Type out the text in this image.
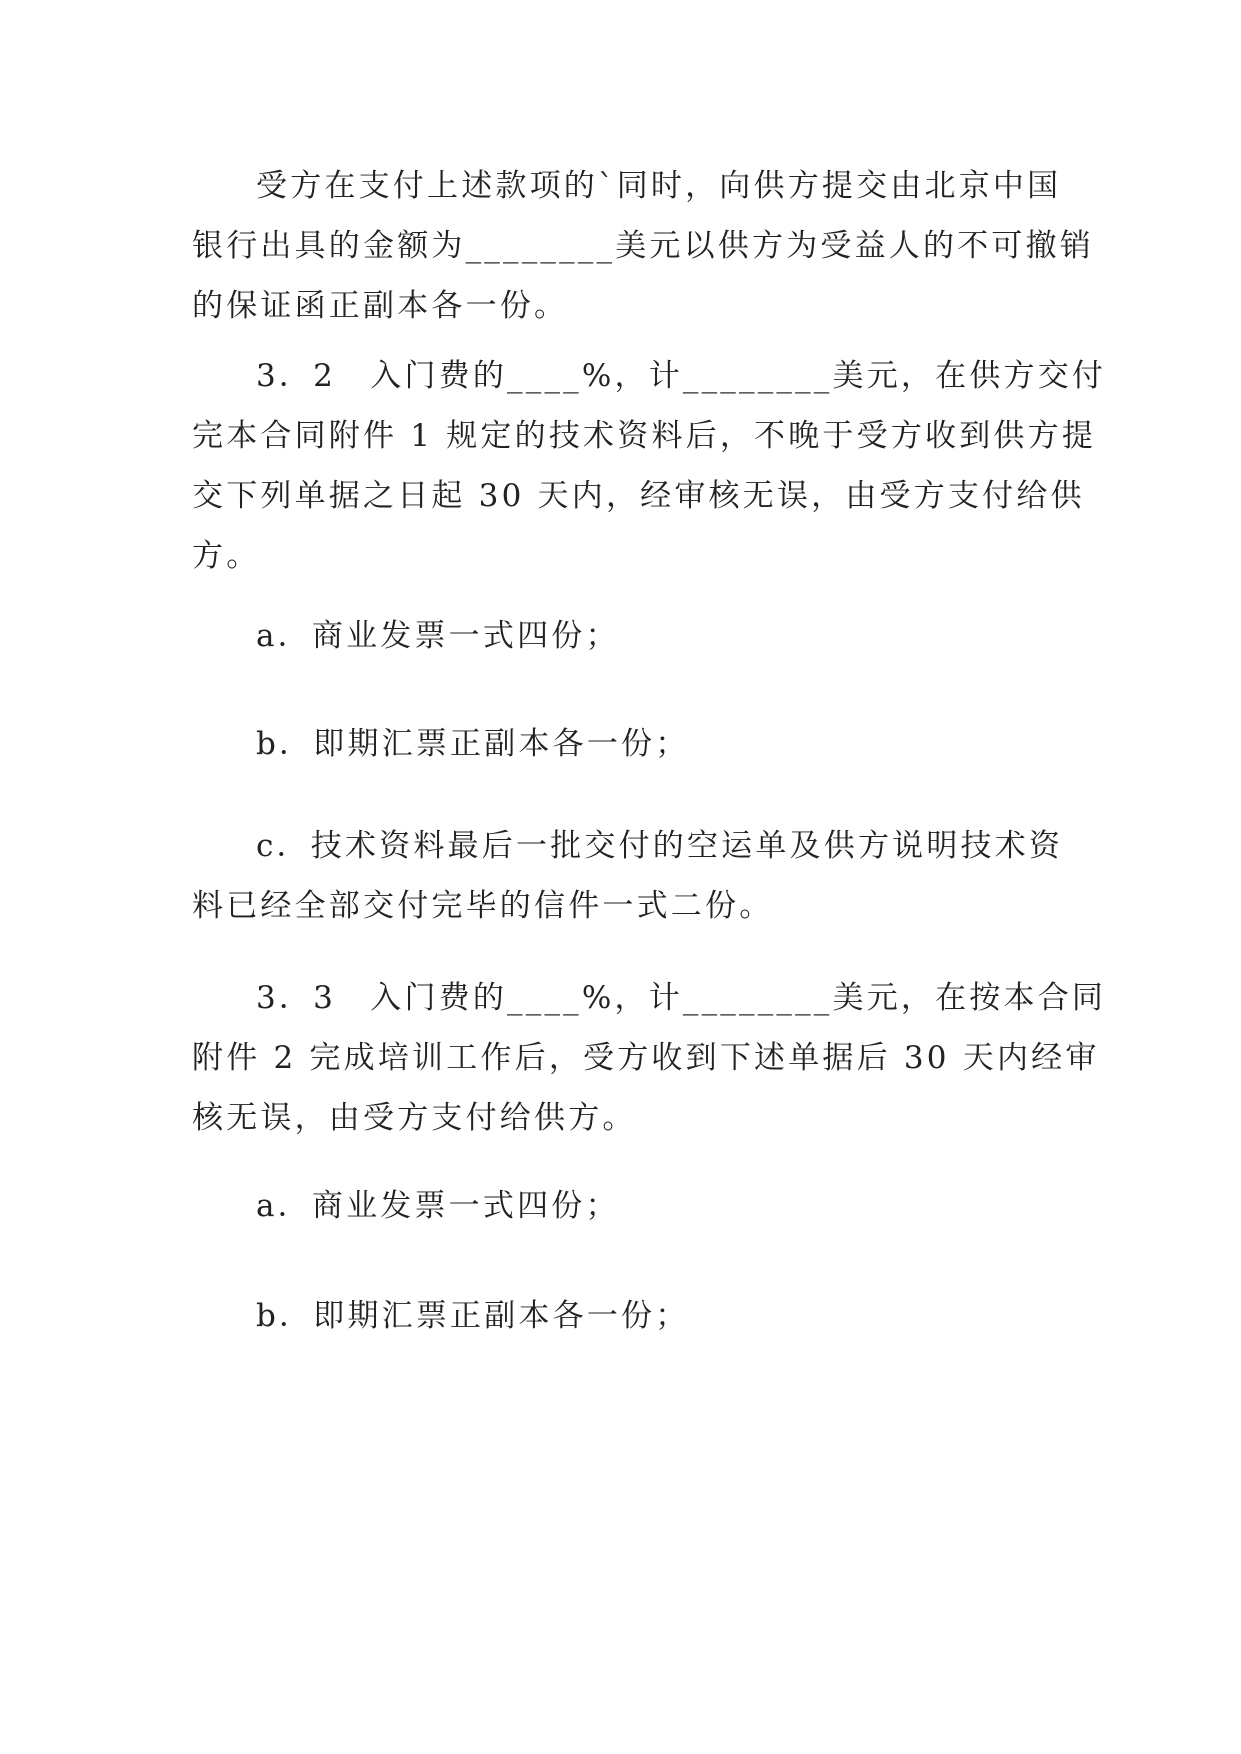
受方在支付上述款项的`同时，向供方提交由北京中国
银行出具的金额为________美元以供方为受益人的不可撤销
的保证函正副本各一份。
3．2　入门费的____%，计________美元，在供方交付
完本合同附件 1 规定的技术资料后，不晚于受方收到供方提
交下列单据之日起 30 天内，经审核无误，由受方支付给供
方。
a．商业发票一式四份；
b．即期汇票正副本各一份；
c．技术资料最后一批交付的空运单及供方说明技术资
料已经全部交付完毕的信件一式二份。
3．3　入门费的____%，计________美元，在按本合同
附件 2 完成培训工作后，受方收到下述单据后 30 天内经审
核无误，由受方支付给供方。
a．商业发票一式四份；
b．即期汇票正副本各一份；
